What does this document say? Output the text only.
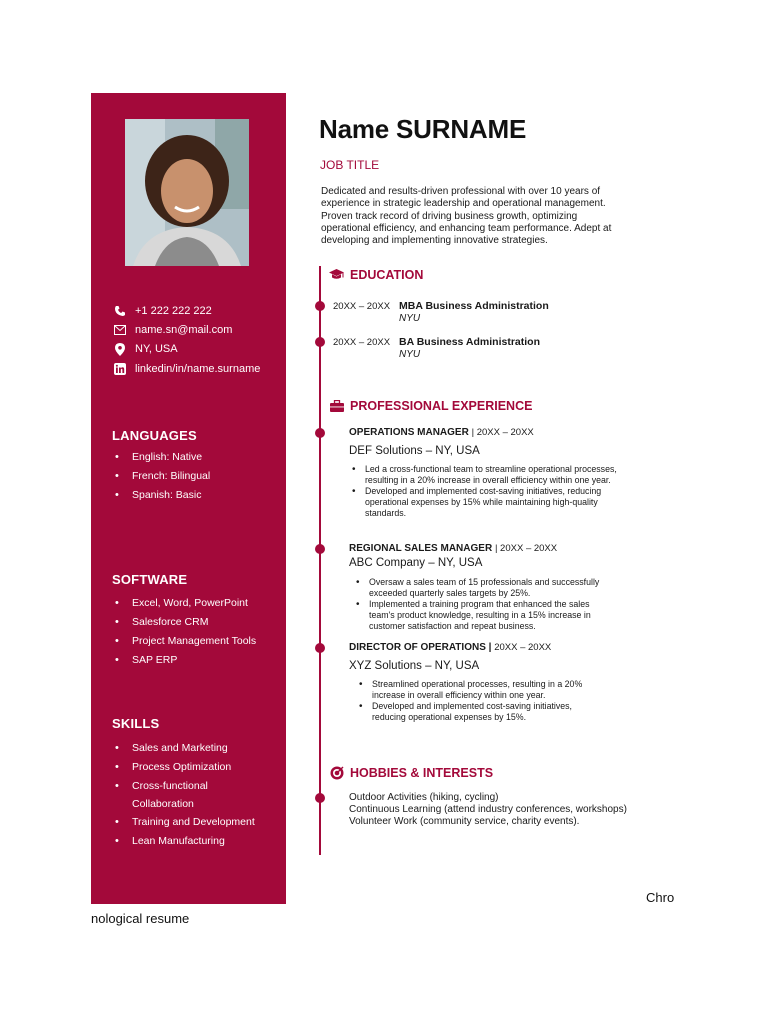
+1 222 222 222
name.sn@mail.com
NY, USA
linkedin/in/name.surname
LANGUAGES
• English: Native
• French: Bilingual
• Spanish: Basic
SOFTWARE
• Excel, Word, PowerPoint
• Salesforce CRM
• Project Management Tools
• SAP ERP
SKILLS
• Sales and Marketing
• Process Optimization
• Cross-functional Collaboration
• Training and Development
• Lean Manufacturing
Name SURNAME
JOB TITLE
Dedicated and results-driven professional with over 10 years of experience in strategic leadership and operational management. Proven track record of driving business growth, optimizing operational efficiency, and enhancing team performance. Adept at developing and implementing innovative strategies.
EDUCATION
20XX – 20XX MBA Business Administration
NYU
20XX – 20XX BA Business Administration
NYU
PROFESSIONAL EXPERIENCE
OPERATIONS MANAGER | 20XX – 20XX
DEF Solutions – NY, USA
• Led a cross-functional team to streamline operational processes, resulting in a 20% increase in overall efficiency within one year.
• Developed and implemented cost-saving initiatives, reducing operational expenses by 15% while maintaining high-quality standards.
REGIONAL SALES MANAGER | 20XX – 20XX
ABC Company – NY, USA
• Oversaw a sales team of 15 professionals and successfully exceeded quarterly sales targets by 25%.
• Implemented a training program that enhanced the sales team's product knowledge, resulting in a 15% increase in customer satisfaction and repeat business.
DIRECTOR OF OPERATIONS | 20XX – 20XX
XYZ Solutions – NY, USA
• Streamlined operational processes, resulting in a 20% increase in overall efficiency within one year.
• Developed and implemented cost-saving initiatives, reducing operational expenses by 15%.
HOBBIES & INTERESTS
Outdoor Activities (hiking, cycling)
Continuous Learning (attend industry conferences, workshops)
Volunteer Work (community service, charity events).
Chro
nological resume
